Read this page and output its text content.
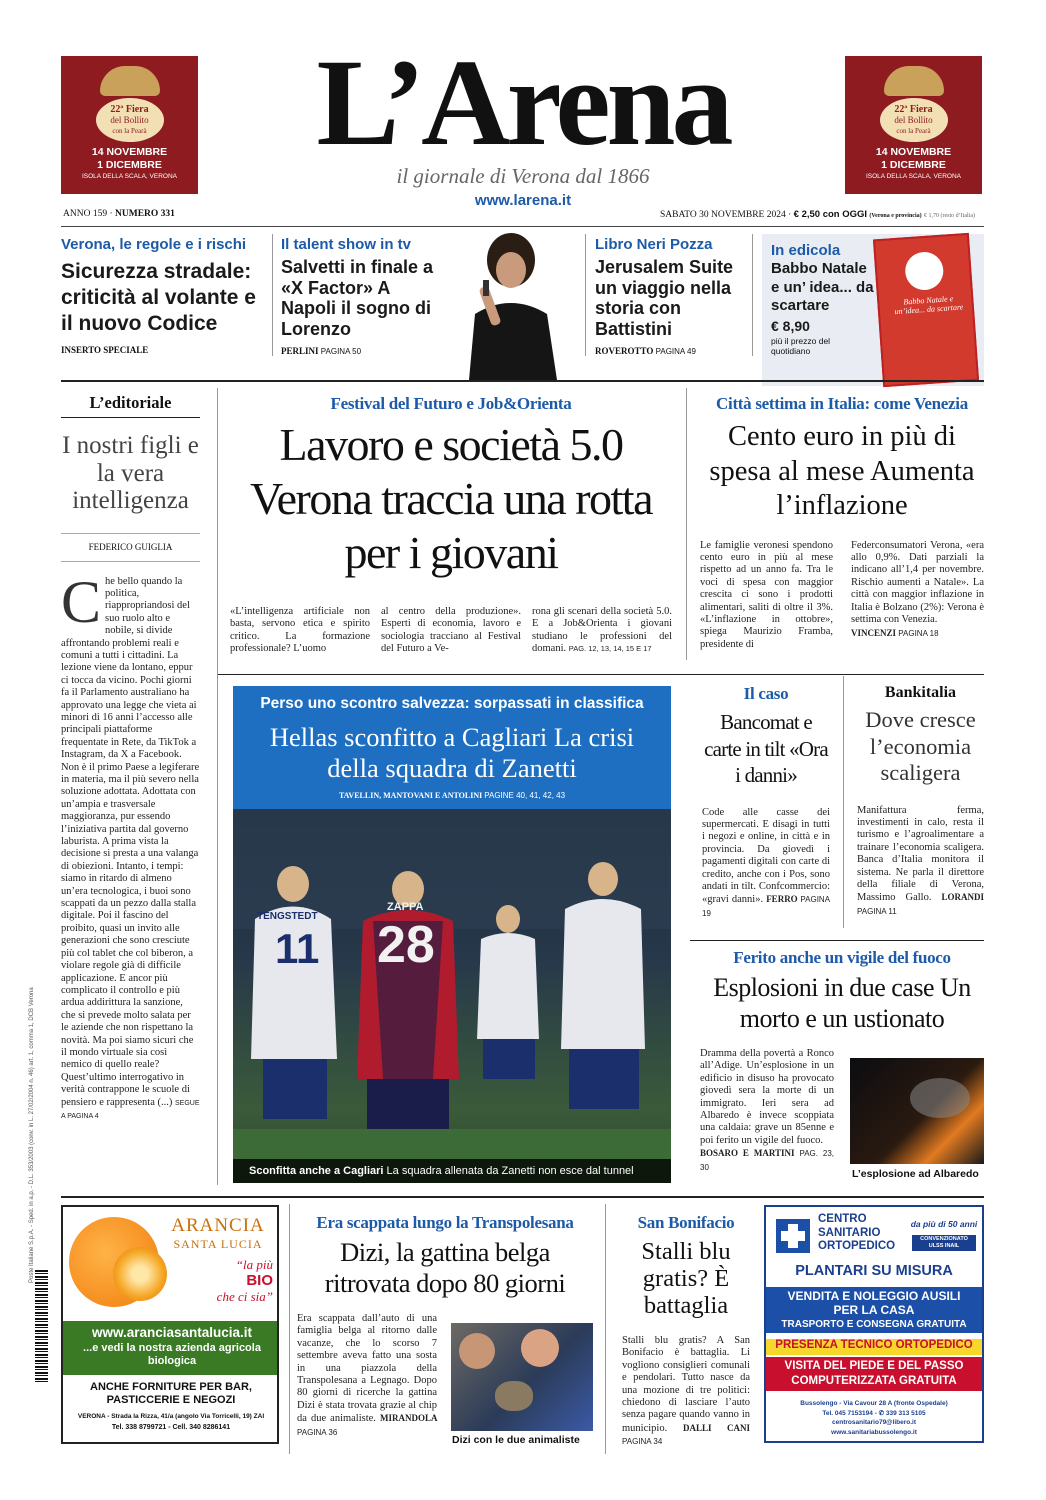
22ª Fiera
del Bollito
con la Pearà
14 NOVEMBRE
1 DICEMBRE
ISOLA DELLA SCALA, VERONA
22ª Fiera
del Bollito
con la Pearà
14 NOVEMBRE
1 DICEMBRE
ISOLA DELLA SCALA, VERONA
L’Arena
il giornale di Verona dal 1866
www.larena.it
ANNO 159 · NUMERO 331	SABATO 30 NOVEMBRE 2024 · € 2,50 con OGGI (Verona e provincia) € 1,70 (resto d’Italia)
Verona, le regole e i rischi
Sicurezza stradale: criticità al volante e il nuovo Codice
INSERTO SPECIALE
Il talent show in tv
Salvetti in finale a «X Factor» A Napoli il sogno di Lorenzo
PERLINI PAGINA 50
Libro Neri Pozza
Jerusalem Suite un viaggio nella storia con Battistini
ROVEROTTO PAGINA 49
In edicola
Babbo Natale e un’ idea... da scartare
€ 8,90
più il prezzo del quotidiano
Babbo Natale e un’idea... da scartare
L’editoriale
I nostri figli e la vera intelligenza
FEDERICO GUIGLIA
Che bello quando la politica, riappropriandosi del suo ruolo alto e nobile, si divide affrontando problemi reali e comuni a tutti i cittadini. La lezione viene da lontano, eppur ci tocca da vicino. Pochi giorni fa il Parlamento australiano ha approvato una legge che vieta ai minori di 16 anni l’accesso alle principali piattaforme frequentate in Rete, da TikTok a Instagram, da X a Facebook. Non è il primo Paese a legiferare in materia, ma il più severo nella soluzione adottata. Adottata con un’ampia e trasversale maggioranza, pur essendo l’iniziativa partita dal governo laburista. A prima vista la decisione si presta a una valanga di obiezioni. Intanto, i tempi: siamo in ritardo di almeno un’era tecnologica, i buoi sono scappati da un pezzo dalla stalla digitale. Poi il fascino del proibito, quasi un invito alle generazioni che sono cresciute più col tablet che col biberon, a violare regole già di difficile applicazione. E ancor più complicato il controllo e più ardua addirittura la sanzione, che si prevede molto salata per le aziende che non rispettano la novità. Ma poi siamo sicuri che il mondo virtuale sia così nemico di quello reale? Quest’ultimo interrogativo in verità contrappone le scuole di pensiero e rappresenta (...) SEGUE A PAGINA 4
Festival del Futuro e Job&Orienta
Lavoro e società 5.0 Verona traccia una rotta per i giovani
«L’intelligenza artificiale non basta, servono etica e spirito critico. La formazione professionale? L’uomo
al centro della produzione». Esperti di economia, lavoro e sociologia tracciano al Festival del Futuro a Ve-
rona gli scenari della società 5.0. E a Job&Orienta i giovani studiano le professioni del domani. PAG. 12, 13, 14, 15 E 17
Città settima in Italia: come Venezia
Cento euro in più di spesa al mese Aumenta l’inflazione
Le famiglie veronesi spendono cento euro in più al mese rispetto ad un anno fa. Tra le voci di spesa con maggior crescita ci sono i prodotti alimentari, saliti di oltre il 3%. «L’inflazione in ottobre», spiega Maurizio Framba, presidente di
Federconsumatori Verona, «era allo 0,9%. Dati parziali la indicano all’1,4 per novembre. Rischio aumenti a Natale». La città con maggior inflazione in Italia è Bolzano (2%): Verona è settima con Venezia.
VINCENZI PAGINA 18
Perso uno scontro salvezza: sorpassati in classifica
Hellas sconfitto a Cagliari La crisi della squadra di Zanetti
TAVELLIN, MANTOVANI E ANTOLINI PAGINE 40, 41, 42, 43
TENGSTEDT
11
ZAPPA
28
Sconfitta anche a Cagliari La squadra allenata da Zanetti non esce dal tunnel
Il caso
Bancomat e carte in tilt «Ora i danni»
Code alle casse dei supermercati. E disagi in tutti i negozi e online, in città e in provincia. Da giovedì i pagamenti digitali con carte di credito, anche con i Pos, sono andati in tilt. Confcommercio: «gravi danni». FERRO PAGINA 19
Bankitalia
Dove cresce l’economia scaligera
Manifattura ferma, investimenti in calo, resta il turismo e l’agroalimentare a trainare l’economia scaligera. Banca d’Italia monitora il sistema. Ne parla il direttore della filiale di Verona, Massimo Gallo. LORANDI PAGINA 11
Ferito anche un vigile del fuoco
Esplosioni in due case Un morto e un ustionato
Dramma della povertà a Ronco all’Adige. Un’esplosione in un edificio in disuso ha provocato giovedì sera la morte di un immigrato. Ieri sera ad Albaredo è invece scoppiata una caldaia: grave un 85enne e poi ferito un vigile del fuoco.
BOSARO E MARTINI PAG. 23, 30
L’esplosione ad Albaredo
ARANCIA
SANTA LUCIA
“la più
BIO
che ci sia”
www.aranciasantalucia.it
...e vedi la nostra azienda agricola biologica
ANCHE FORNITURE PER BAR, PASTICCERIE E NEGOZI
VERONA - Strada la Rizza, 41/a (angolo Via Torricelli, 19) ZAI
Tel. 338 8799721 - Cell. 340 8286141
Era scappata lungo la Transpolesana
Dizi, la gattina belga ritrovata dopo 80 giorni
Era scappata dall’auto di una famiglia belga al ritorno dalle vacanze, che lo scorso 7 settembre aveva fatto una sosta in una piazzola della Transpolesana a Legnago. Dopo 80 giorni di ricerche la gattina Dizi è stata trovata grazie al chip da due animaliste. MIRANDOLA PAGINA 36
Dizi con le due animaliste
San Bonifacio
Stalli blu gratis? È battaglia
Stalli blu gratis? A San Bonifacio è battaglia. Li vogliono consiglieri comunali e pendolari. Tutto nasce da una mozione di tre politici: chiedono di lasciare l’auto senza pagare quando vanno in municipio. DALLI CANI PAGINA 34
CENTRO SANITARIO ORTOPEDICO
da più di 50 anni
CONVENZIONATO ULSS INAIL
PLANTARI SU MISURA
VENDITA E NOLEGGIO AUSILI PER LA CASA
TRASPORTO E CONSEGNA GRATUITA
PRESENZA TECNICO ORTOPEDICO
VISITA DEL PIEDE E DEL PASSO COMPUTERIZZATA GRATUITA
Bussolengo - Via Cavour 28 A (fronte Ospedale)
Tel. 045 7153194 - ✆ 339 313 5105
centrosanitario79@libero.it
www.sanitariabussolengo.it
Poste Italiane S.p.A. - Sped. in a.p. - D.L. 353/2003 (conv. in L. 27/02/2004 n. 46) art. 1, comma 1, DCB Verona
